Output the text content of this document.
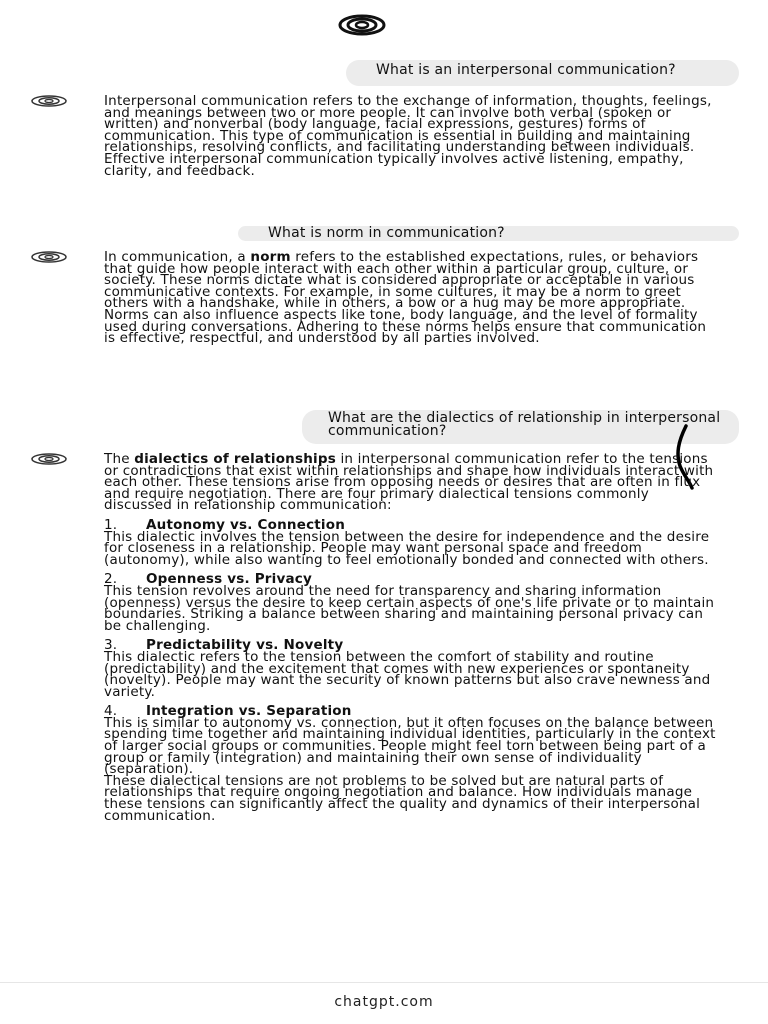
What is an interpersonal communication?

Interpersonal communication refers to the exchange of information, thoughts, feelings, and meanings between two or more people. It can involve both verbal (spoken or written) and nonverbal (body language, facial expressions, gestures) forms of communication. This type of communication is essential in building and maintaining relationships, resolving conflicts, and facilitating understanding between individuals. Effective interpersonal communication typically involves active listening, empathy, clarity, and feedback.

What is norm in communication?

In communication, a norm refers to the established expectations, rules, or behaviors that guide how people interact with each other within a particular group, culture, or society. These norms dictate what is considered appropriate or acceptable in various communicative contexts. For example, in some cultures, it may be a norm to greet others with a handshake, while in others, a bow or a hug may be more appropriate. Norms can also influence aspects like tone, body language, and the level of formality used during conversations. Adhering to these norms helps ensure that communication is effective, respectful, and understood by all parties involved.

What are the dialectics of relationship in interpersonal communication?

The dialectics of relationships in interpersonal communication refer to the tensions or contradictions that exist within relationships and shape how individuals interact with each other. These tensions arise from opposing needs or desires that are often in flux and require negotiation. There are four primary dialectical tensions commonly discussed in relationship communication:

1. Autonomy vs. Connection

This dialectic involves the tension between the desire for independence and the desire for closeness in a relationship. People may want personal space and freedom (autonomy), while also wanting to feel emotionally bonded and connected with others.

2. Openness vs. Privacy

This tension revolves around the need for transparency and sharing information (openness) versus the desire to keep certain aspects of one's life private or to maintain boundaries. Striking a balance between sharing and maintaining personal privacy can be challenging.

3. Predictability vs. Novelty

This dialectic refers to the tension between the comfort of stability and routine (predictability) and the excitement that comes with new experiences or spontaneity (novelty). People may want the security of known patterns but also crave newness and variety.

4. Integration vs. Separation

This is similar to autonomy vs. connection, but it often focuses on the balance between spending time together and maintaining individual identities, particularly in the context of larger social groups or communities. People might feel torn between being part of a group or family (integration) and maintaining their own sense of individuality (separation).

These dialectical tensions are not problems to be solved but are natural parts of relationships that require ongoing negotiation and balance. How individuals manage these tensions can significantly affect the quality and dynamics of their interpersonal communication.

chatgpt.com
